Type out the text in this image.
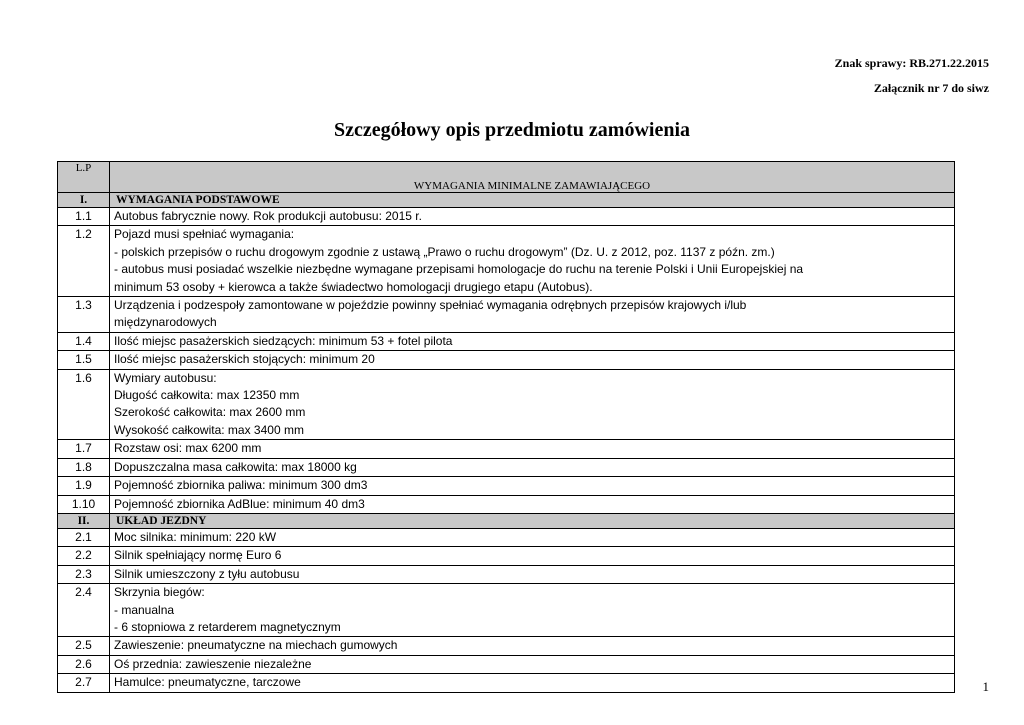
Znak sprawy: RB.271.22.2015
Załącznik nr 7 do siwz
Szczegółowy opis przedmiotu zamówienia
L.P	WYMAGANIA MINIMALNE ZAMAWIAJĄCEGO
I.	WYMAGANIA PODSTAWOWE

1.1	Autobus fabrycznie nowy. Rok produkcji autobusu: 2015 r.

1.2	Pojazd musi spełniać wymagania:
- polskich przepisów o ruchu drogowym zgodnie z ustawą „Prawo o ruchu drogowym” (Dz. U. z 2012, poz. 1137 z późn. zm.)
- autobus musi posiadać wszelkie niezbędne wymagane przepisami homologacje do ruchu na terenie Polski i Unii Europejskiej na
minimum 53 osoby + kierowca a także świadectwo homologacji drugiego etapu (Autobus).

1.3	Urządzenia i podzespoły zamontowane w pojeździe powinny spełniać wymagania odrębnych przepisów krajowych i/lub
międzynarodowych

1.4	Ilość miejsc pasażerskich siedzących: minimum 53 + fotel pilota

1.5	Ilość miejsc pasażerskich stojących: minimum 20

1.6	Wymiary autobusu:
Długość całkowita: max 12350 mm
Szerokość całkowita: max 2600 mm
Wysokość całkowita: max 3400 mm

1.7	Rozstaw osi: max 6200 mm

1.8	Dopuszczalna masa całkowita: max 18000 kg

1.9	Pojemność zbiornika paliwa: minimum 300 dm3

1.10	Pojemność zbiornika AdBlue: minimum 40 dm3

II.	UKŁAD JEZDNY

2.1	Moc silnika: minimum: 220 kW

2.2	Silnik spełniający normę Euro 6

2.3	Silnik umieszczony z tyłu autobusu

2.4	Skrzynia biegów:
- manualna
- 6 stopniowa z retarderem magnetycznym

2.5	Zawieszenie: pneumatyczne na miechach gumowych

2.6	Oś przednia: zawieszenie niezależne

2.7	Hamulce: pneumatyczne, tarczowe	1
